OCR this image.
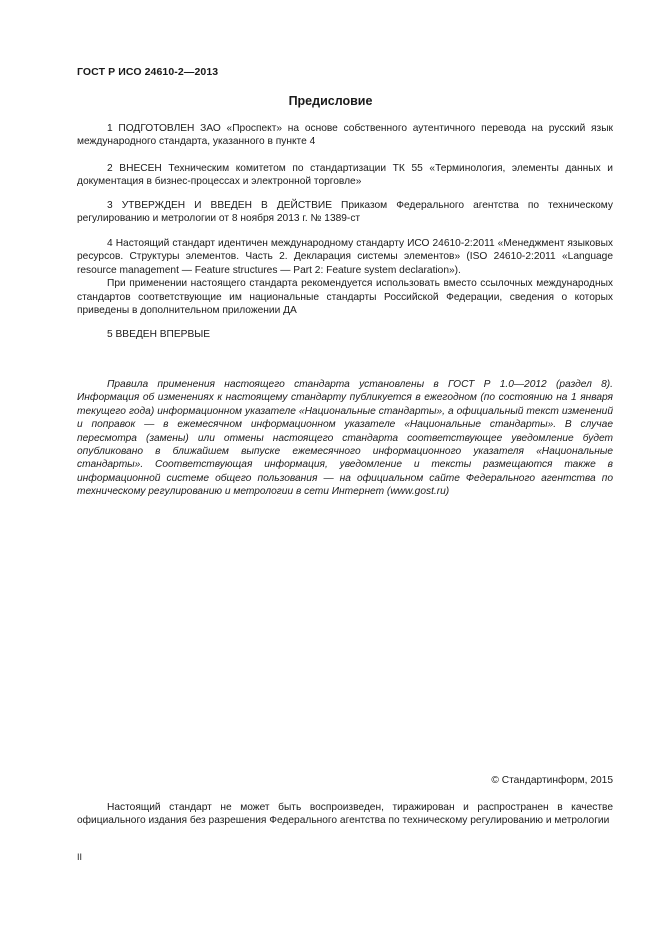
ГОСТ Р ИСО 24610-2—2013
Предисловие

1 ПОДГОТОВЛЕН ЗАО «Проспект» на основе собственного аутентичного перевода на русский язык международного стандарта, указанного в пункте 4

2 ВНЕСЕН Техническим комитетом по стандартизации ТК 55 «Терминология, элементы данных и документация в бизнес-процессах и электронной торговле»

3 УТВЕРЖДЕН И ВВЕДЕН В ДЕЙСТВИЕ Приказом Федерального агентства по техническому регулированию и метрологии от 8 ноября 2013 г. № 1389-ст

4 Настоящий стандарт идентичен международному стандарту ИСО 24610-2:2011 «Менеджмент языковых ресурсов. Структуры элементов. Часть 2. Декларация системы элементов» (ISO 24610-2:2011 «Language resource management — Feature structures — Part 2: Feature system declaration»).

При применении настоящего стандарта рекомендуется использовать вместо ссылочных международных стандартов соответствующие им национальные стандарты Российской Федерации, сведения о которых приведены в дополнительном приложении ДА

5 ВВЕДЕН ВПЕРВЫЕ

Правила применения настоящего стандарта установлены в ГОСТ Р 1.0—2012 (раздел 8). Информация об изменениях к настоящему стандарту публикуется в ежегодном (по состоянию на 1 января текущего года) информационном указателе «Национальные стандарты», а официальный текст изменений и поправок — в ежемесячном информационном указателе «Национальные стандарты». В случае пересмотра (замены) или отмены настоящего стандарта соответствующее уведомление будет опубликовано в ближайшем выпуске ежемесячного информационного указателя «Национальные стандарты». Соответствующая информация, уведомление и тексты размещаются также в информационной системе общего пользования — на официальном сайте Федерального агентства по техническому регулированию и метрологии в сети Интернет (www.gost.ru)

© Стандартинформ, 2015

Настоящий стандарт не может быть воспроизведен, тиражирован и распространен в качестве официального издания без разрешения Федерального агентства по техническому регулированию и метрологии

II
